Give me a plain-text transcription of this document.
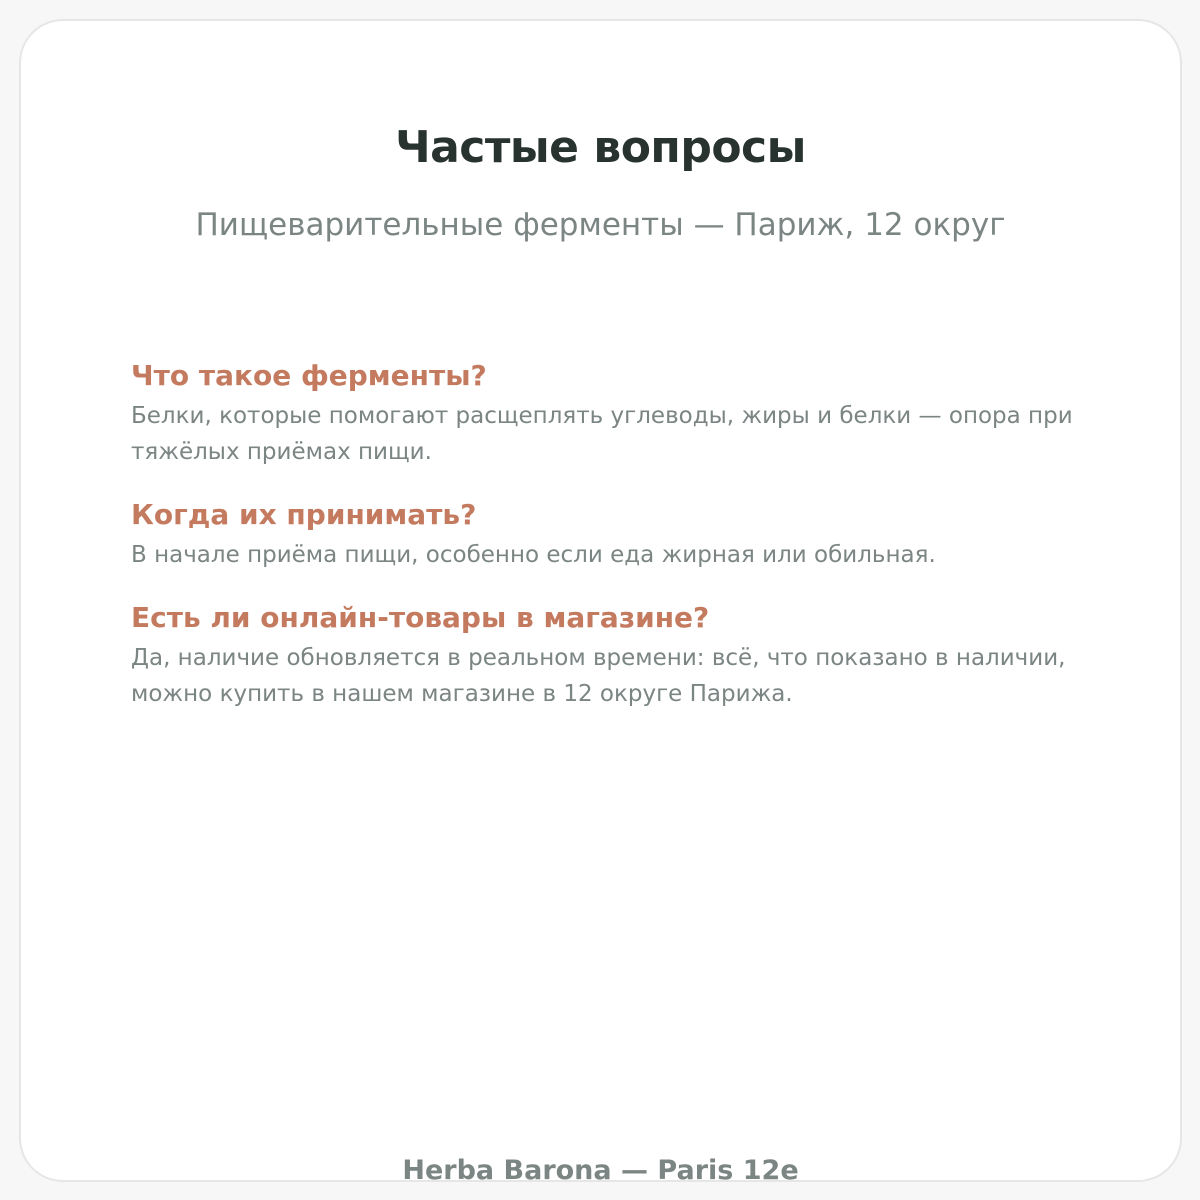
Частые вопросы
Пищеварительные ферменты — Париж, 12 округ
Что такое ферменты?
Белки, которые помогают расщеплять углеводы, жиры и белки — опора при тяжёлых приёмах пищи.
Когда их принимать?
В начале приёма пищи, особенно если еда жирная или обильная.
Есть ли онлайн-товары в магазине?
Да, наличие обновляется в реальном времени: всё, что показано в наличии, можно купить в нашем магазине в 12 округе Парижа.
Herba Barona — Paris 12e
